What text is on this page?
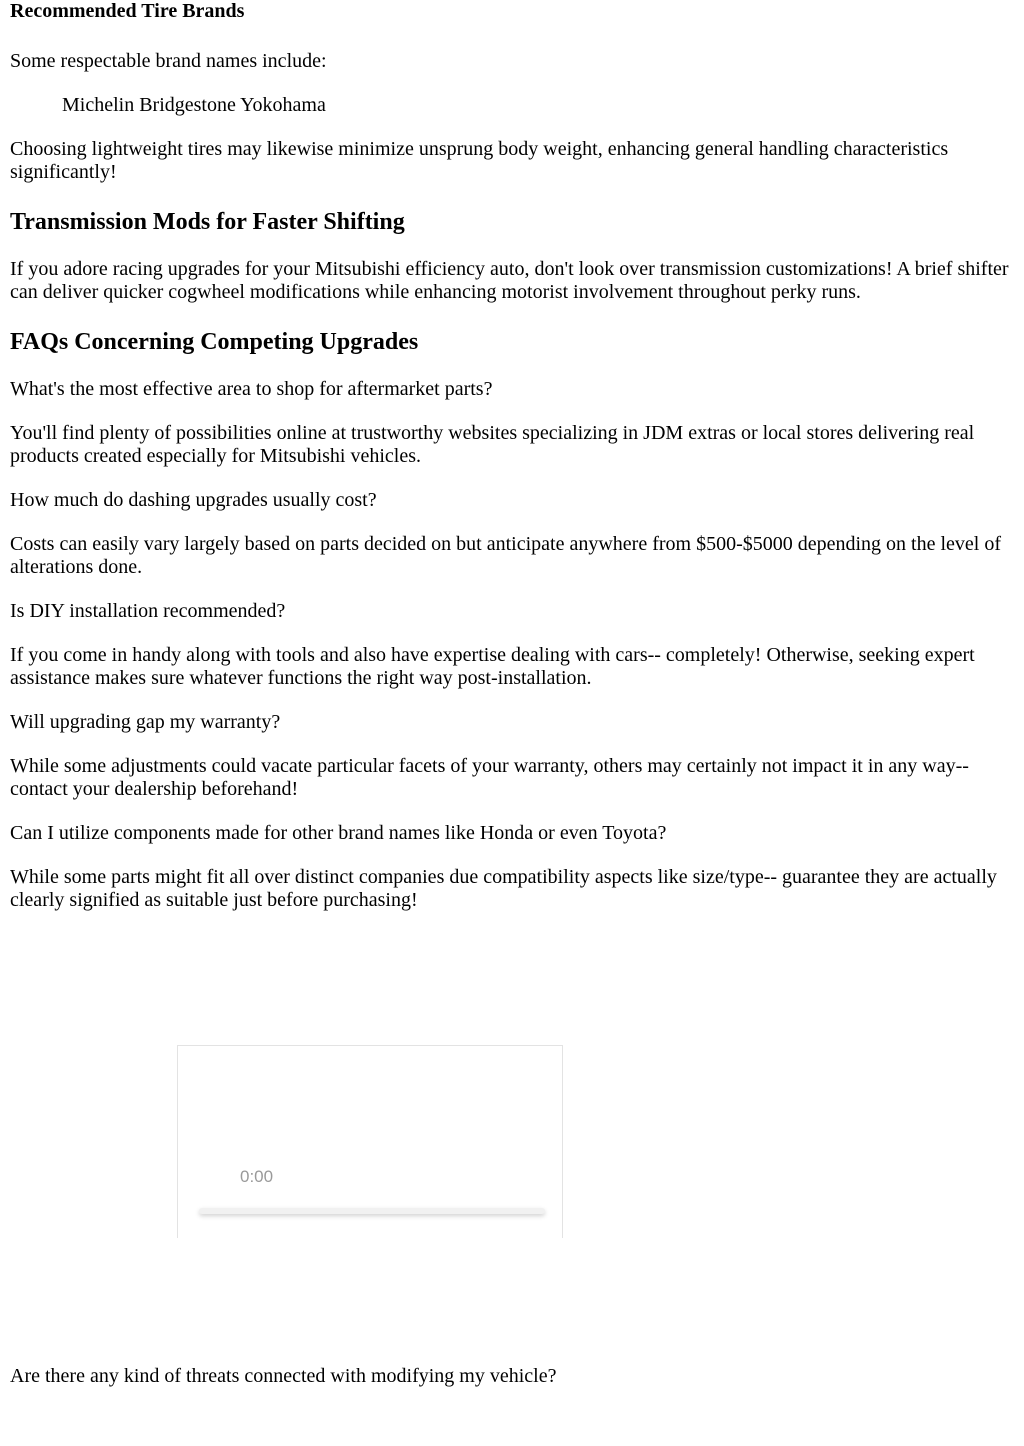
Recommended Tire Brands

Some respectable brand names include:

Michelin Bridgestone Yokohama

Choosing lightweight tires may likewise minimize unsprung body weight, enhancing general handling characteristics significantly!

Transmission Mods for Faster Shifting

If you adore racing upgrades for your Mitsubishi efficiency auto, don't look over transmission customizations! A brief shifter can deliver quicker cogwheel modifications while enhancing motorist involvement throughout perky runs.

FAQs Concerning Competing Upgrades

What's the most effective area to shop for aftermarket parts?

You'll find plenty of possibilities online at trustworthy websites specializing in JDM extras or local stores delivering real products created especially for Mitsubishi vehicles.

How much do dashing upgrades usually cost?

Costs can easily vary largely based on parts decided on but anticipate anywhere from $500-$5000 depending on the level of alterations done.

Is DIY installation recommended?

If you come in handy along with tools and also have expertise dealing with cars-- completely! Otherwise, seeking expert assistance makes sure whatever functions the right way post-installation.

Will upgrading gap my warranty?

While some adjustments could vacate particular facets of your warranty, others may certainly not impact it in any way-- contact your dealership beforehand!

Can I utilize components made for other brand names like Honda or even Toyota?

While some parts might fit all over distinct companies due compatibility aspects like size/type-- guarantee they are actually clearly signified as suitable just before purchasing!

0:00

Are there any kind of threats connected with modifying my vehicle?
